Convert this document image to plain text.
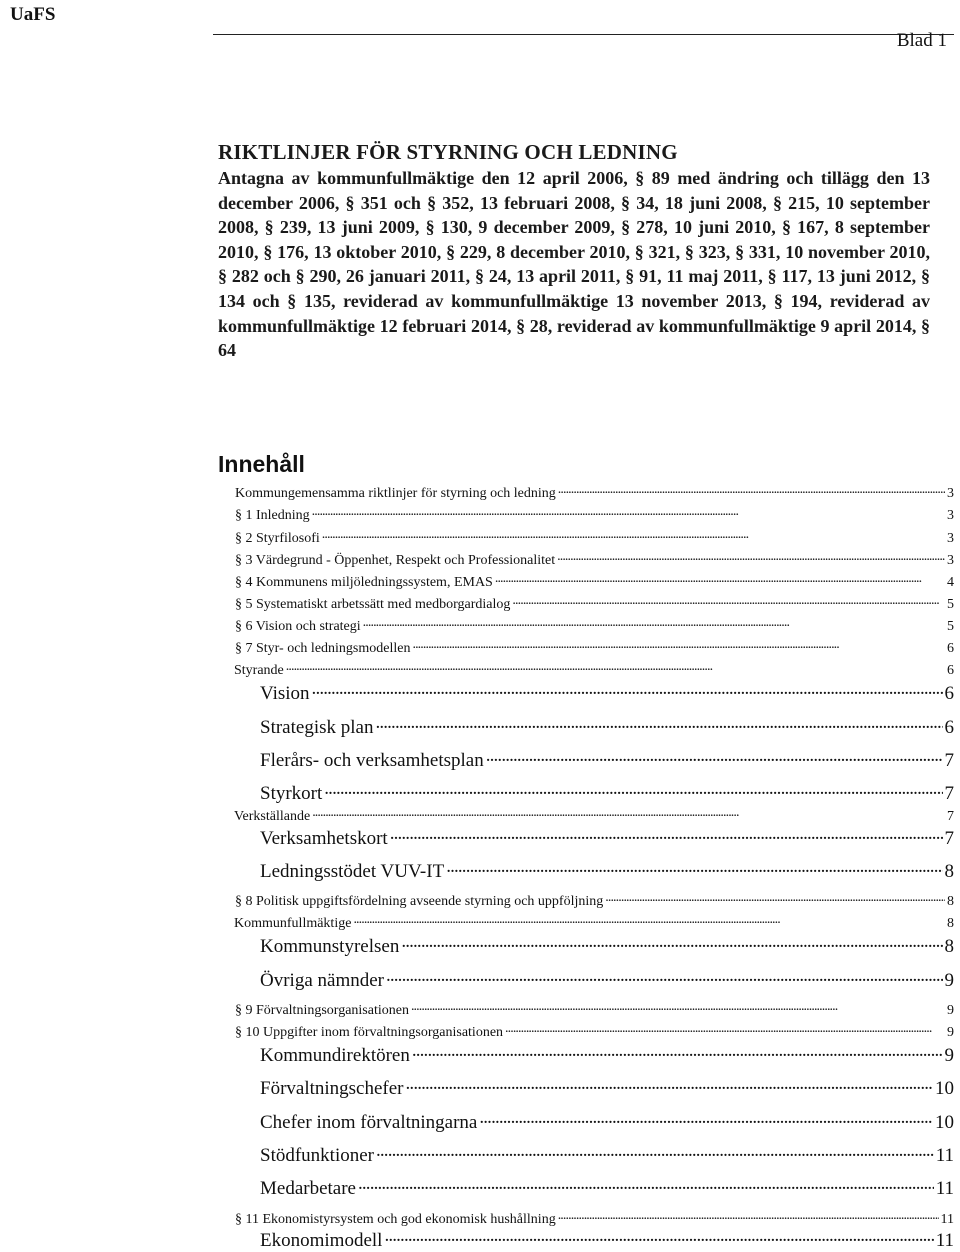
UaFS
Blad 1
RIKTLINJER FÖR STYRNING OCH LEDNING
Antagna av kommunfullmäktige den 12 april 2006, § 89 med ändring och tillägg den 13 december 2006, § 351 och § 352, 13 februari 2008, § 34, 18 juni 2008, § 215, 10 september 2008, § 239, 13 juni 2009, § 130, 9 december 2009, § 278, 10 juni 2010, § 167, 8 september 2010, § 176, 13 oktober 2010, § 229, 8 december 2010, § 321, § 323, § 331, 10 november 2010, § 282 och § 290, 26 januari 2011, § 24, 13 april 2011, § 91, 11 maj 2011, § 117, 13 juni 2012, § 134 och § 135, reviderad av kommunfullmäktige 13 november 2013, § 194, reviderad av kommunfullmäktige 12 februari 2014, § 28, reviderad av kommunfullmäktige 9 april 2014, § 64
Innehåll
Kommungemensamma riktlinjer för styrning och ledning . . .	3
§ 1 Inledning . . .	3
§ 2 Styrfilosofi . . .	3
§ 3 Värdegrund - Öppenhet, Respekt och Professionalitet . . .	3
§ 4 Kommunens miljöledningssystem, EMAS . . .	4
§ 5 Systematiskt arbetssätt med medborgardialog . . .	5
§ 6 Vision och strategi . . .	5
§ 7 Styr- och ledningsmodellen . . .	6
Styrande . . .	6
Vision . . .	6
Strategisk plan . . .	6
Flerårs- och verksamhetsplan . . .	7
Styrkort . . .	7
Verkställande . . .	7
Verksamhetskort . . .	7
Ledningsstödet VUV-IT . . .	8
§ 8 Politisk uppgiftsfördelning avseende styrning och uppföljning . . .	8
Kommunfullmäktige . . .	8
Kommunstyrelsen . . .	8
Övriga nämnder . . .	9
§ 9 Förvaltningsorganisationen . . .	9
§ 10 Uppgifter inom förvaltningsorganisationen . . .	9
Kommundirektören . . .	9
Förvaltningschefer . . .	10
Chefer inom förvaltningarna . . .	10
Stödfunktioner . . .	11
Medarbetare . . .	11
§ 11 Ekonomistyrsystem och god ekonomisk hushållning . . .	11
Ekonomimodell . . .	11
